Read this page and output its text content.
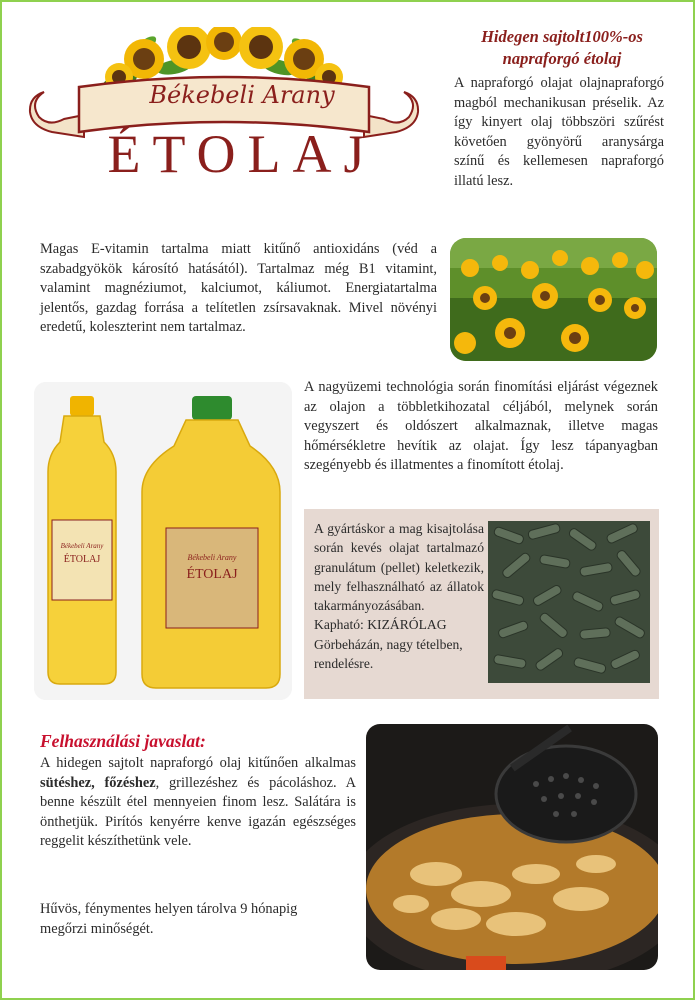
Békebeli Arany
ÉTOLAJ
Hidegen sajtolt100%-os napraforgó étolaj

A napraforgó olajat olajnapraforgó magból mechanikusan préselik. Az így kinyert olaj többszöri szűrést követően gyönyörű aranysárga színű és kellemesen napraforgó illatú lesz.

Magas E-vitamin tartalma miatt kitűnő antioxidáns (véd a szabadgyökök károsító hatásától). Tartalmaz még B1 vitamint, valamint magnéziumot, kalciumot, káliumot. Energiatartalma jelentős, gazdag forrása a telítetlen zsírsavaknak. Mivel növényi eredetű, koleszterint nem tartalmaz.

Békebeli Arany
ÉTOLAJ	Békebeli Arany
ÉTOLAJ

A nagyüzemi technológia során finomítási eljárást végeznek az olajon a többletkihozatal céljából, melynek során vegyszert és oldószert alkalmaznak, illetve magas hőmérsékletre hevítik az olajat. Így lesz tápanyagban szegényebb és illatmentes a finomított étolaj.

A gyártáskor a mag kisajtolása során kevés olajat tartalmazó granulátum (pellet) keletkezik, mely felhasználható az állatok takarmányozásában.

Kapható: KIZÁRÓLAG Görbeházán, nagy tételben, rendelésre.

Felhasználási javaslat:

A hidegen sajtolt napraforgó olaj kitűnően alkalmas sütéshez, főzéshez, grillezéshez és pácoláshoz. A benne készült étel mennyeien finom lesz. Salátára is önthetjük. Pirítós kenyérre kenve igazán egészséges reggelit készíthetünk vele.

Hűvös, fénymentes helyen tárolva 9 hónapig megőrzi minőségét.
